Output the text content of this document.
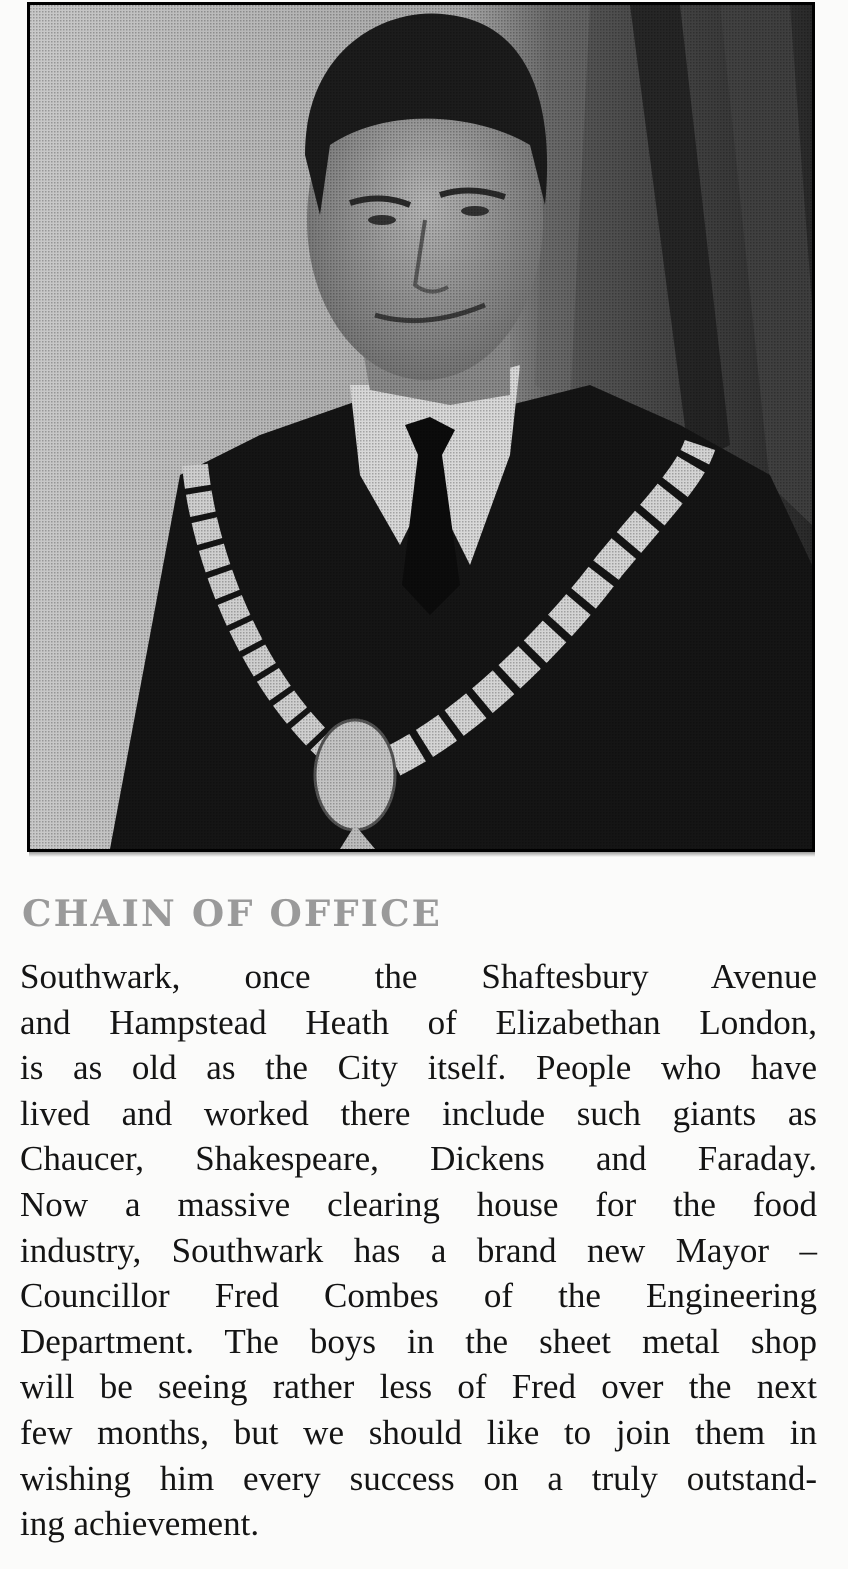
CHAIN OF OFFICE
Southwark, once the Shaftesbury Avenue
and Hampstead Heath of Elizabethan London,
is as old as the City itself. People who have
lived and worked there include such giants as
Chaucer, Shakespeare, Dickens and Faraday.
Now a massive clearing house for the food
industry, Southwark has a brand new Mayor –
Councillor Fred Combes of the Engineering
Department. The boys in the sheet metal shop
will be seeing rather less of Fred over the next
few months, but we should like to join them in
wishing him every success on a truly outstand-
ing achievement.
